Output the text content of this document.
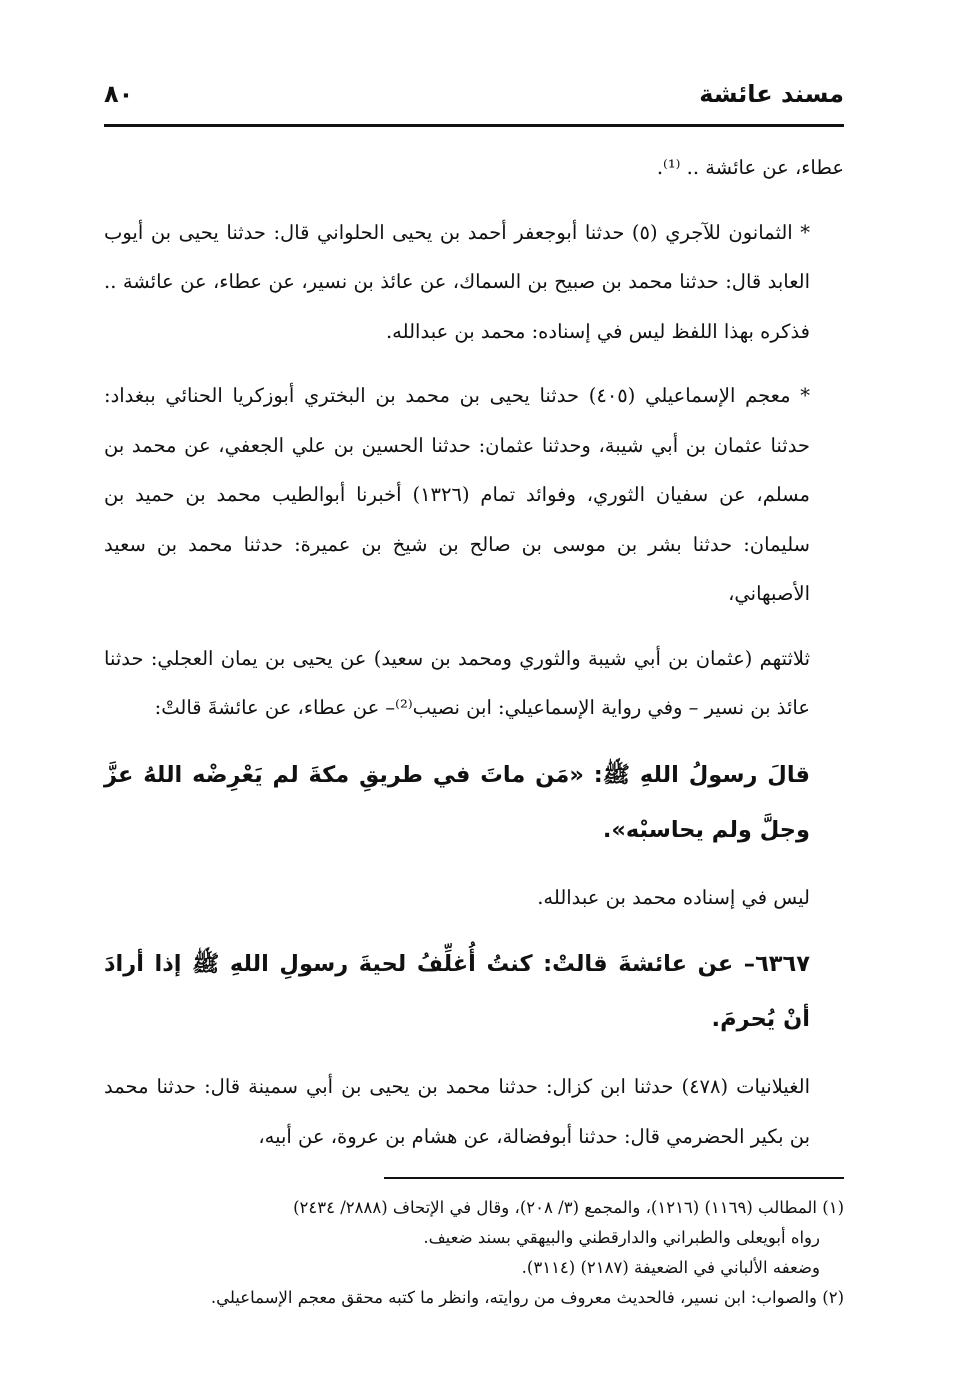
مسند عائشة
٨٠

عطاء، عن عائشة .. ⁽¹⁾.

* الثمانون للآجري (٥) حدثنا أبوجعفر أحمد بن يحيى الحلواني قال: حدثنا يحيى بن أيوب العابد قال: حدثنا محمد بن صبيح بن السماك، عن عائذ بن نسير، عن عطاء، عن عائشة .. فذكره بهذا اللفظ ليس في إسناده: محمد بن عبدالله.

* معجم الإسماعيلي (٤٠٥) حدثنا يحيى بن محمد بن البختري أبوزكريا الحنائي ببغداد: حدثنا عثمان بن أبي شيبة، وحدثنا عثمان: حدثنا الحسين بن علي الجعفي، عن محمد بن مسلم، عن سفيان الثوري، وفوائد تمام (١٣٢٦) أخبرنا أبوالطيب محمد بن حميد بن سليمان: حدثنا بشر بن موسى بن صالح بن شيخ بن عميرة: حدثنا محمد بن سعيد الأصبهاني،

ثلاثتهم (عثمان بن أبي شيبة والثوري ومحمد بن سعيد) عن يحيى بن يمان العجلي: حدثنا عائذ بن نسير – وفي رواية الإسماعيلي: ابن نصيب⁽²⁾– عن عطاء، عن عائشةَ قالتْ:

قالَ رسولُ اللهِ ﷺ: «مَن ماتَ في طريقِ مكةَ لم يَعْرِضْه اللهُ عزَّ وجلَّ ولم يحاسبْه».

ليس في إسناده محمد بن عبدالله.

٦٣٦٧– عن عائشةَ قالتْ: كنتُ أُغلِّفُ لحيةَ رسولِ اللهِ ﷺ إذا أرادَ أنْ يُحرمَ.

الغيلانيات (٤٧٨) حدثنا ابن كزال: حدثنا محمد بن يحيى بن أبي سمينة قال: حدثنا محمد بن بكير الحضرمي قال: حدثنا أبوفضالة، عن هشام بن عروة، عن أبيه،

(١) المطالب (١١٦٩) (١٢١٦)، والمجمع (٣/ ٢٠٨)، وقال في الإتحاف (٢٨٨٨/ ٢٤٣٤)

رواه أبويعلى والطبراني والدارقطني والبيهقي بسند ضعيف.

وضعفه الألباني في الضعيفة (٢١٨٧) (٣١١٤).

(٢) والصواب: ابن نسير، فالحديث معروف من روايته، وانظر ما كتبه محقق معجم الإسماعيلي.
